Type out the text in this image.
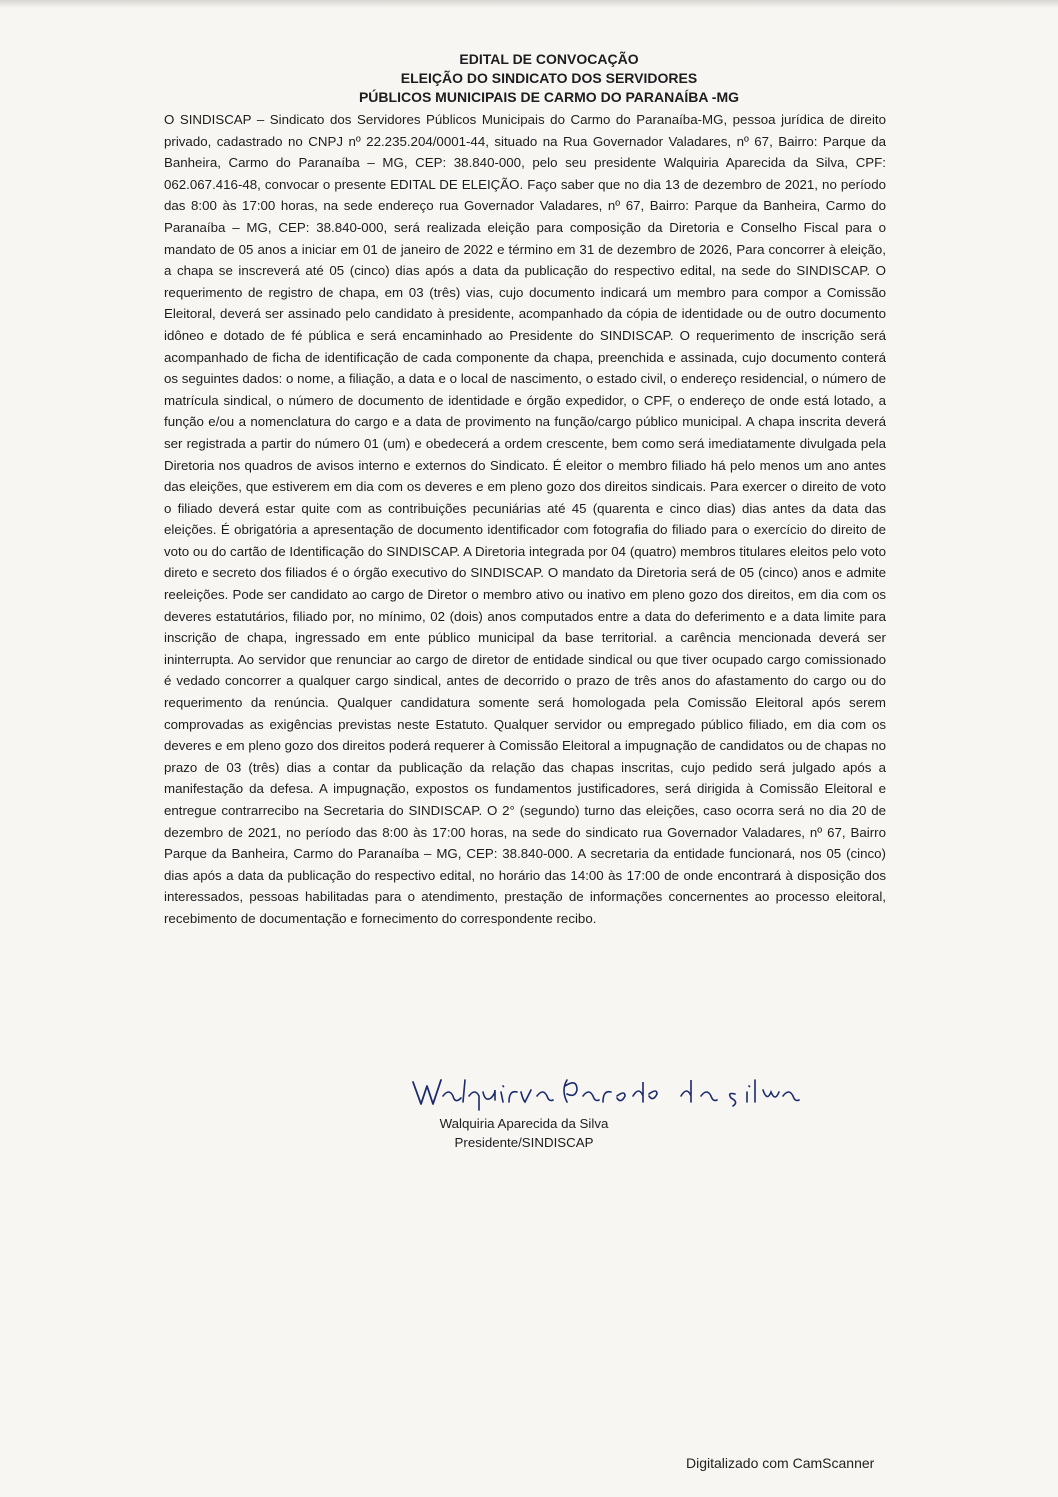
EDITAL DE CONVOCAÇÃO
ELEIÇÃO DO SINDICATO DOS SERVIDORES
PÚBLICOS MUNICIPAIS DE CARMO DO PARANAÍBA -MG
O SINDISCAP – Sindicato dos Servidores Públicos Municipais do Carmo do Paranaíba-MG, pessoa jurídica de direito privado, cadastrado no CNPJ nº 22.235.204/0001-44, situado na Rua Governador Valadares, nº 67, Bairro: Parque da Banheira, Carmo do Paranaíba – MG, CEP: 38.840-000, pelo seu presidente Walquiria Aparecida da Silva, CPF: 062.067.416-48, convocar o presente EDITAL DE ELEIÇÃO. Faço saber que no dia 13 de dezembro de 2021, no período das 8:00 às 17:00 horas, na sede endereço rua Governador Valadares, nº 67, Bairro: Parque da Banheira, Carmo do Paranaíba – MG, CEP: 38.840-000, será realizada eleição para composição da Diretoria e Conselho Fiscal para o mandato de 05 anos a iniciar em 01 de janeiro de 2022 e término em 31 de dezembro de 2026, Para concorrer à eleição, a chapa se inscreverá até 05 (cinco) dias após a data da publicação do respectivo edital, na sede do SINDISCAP. O requerimento de registro de chapa, em 03 (três) vias, cujo documento indicará um membro para compor a Comissão Eleitoral, deverá ser assinado pelo candidato à presidente, acompanhado da cópia de identidade ou de outro documento idôneo e dotado de fé pública e será encaminhado ao Presidente do SINDISCAP. O requerimento de inscrição será acompanhado de ficha de identificação de cada componente da chapa, preenchida e assinada, cujo documento conterá os seguintes dados: o nome, a filiação, a data e o local de nascimento, o estado civil, o endereço residencial, o número de matrícula sindical, o número de documento de identidade e órgão expedidor, o CPF, o endereço de onde está lotado, a função e/ou a nomenclatura do cargo e a data de provimento na função/cargo público municipal. A chapa inscrita deverá ser registrada a partir do número 01 (um) e obedecerá a ordem crescente, bem como será imediatamente divulgada pela Diretoria nos quadros de avisos interno e externos do Sindicato. É eleitor o membro filiado há pelo menos um ano antes das eleições, que estiverem em dia com os deveres e em pleno gozo dos direitos sindicais. Para exercer o direito de voto o filiado deverá estar quite com as contribuições pecuniárias até 45 (quarenta e cinco dias) dias antes da data das eleições. É obrigatória a apresentação de documento identificador com fotografia do filiado para o exercício do direito de voto ou do cartão de Identificação do SINDISCAP. A Diretoria integrada por 04 (quatro) membros titulares eleitos pelo voto direto e secreto dos filiados é o órgão executivo do SINDISCAP. O mandato da Diretoria será de 05 (cinco) anos e admite reeleições. Pode ser candidato ao cargo de Diretor o membro ativo ou inativo em pleno gozo dos direitos, em dia com os deveres estatutários, filiado por, no mínimo, 02 (dois) anos computados entre a data do deferimento e a data limite para inscrição de chapa, ingressado em ente público municipal da base territorial. a carência mencionada deverá ser ininterrupta. Ao servidor que renunciar ao cargo de diretor de entidade sindical ou que tiver ocupado cargo comissionado é vedado concorrer a qualquer cargo sindical, antes de decorrido o prazo de três anos do afastamento do cargo ou do requerimento da renúncia. Qualquer candidatura somente será homologada pela Comissão Eleitoral após serem comprovadas as exigências previstas neste Estatuto. Qualquer servidor ou empregado público filiado, em dia com os deveres e em pleno gozo dos direitos poderá requerer à Comissão Eleitoral a impugnação de candidatos ou de chapas no prazo de 03 (três) dias a contar da publicação da relação das chapas inscritas, cujo pedido será julgado após a manifestação da defesa. A impugnação, expostos os fundamentos justificadores, será dirigida à Comissão Eleitoral e entregue contrarrecibo na Secretaria do SINDISCAP. O 2° (segundo) turno das eleições, caso ocorra será no dia 20 de dezembro de 2021, no período das 8:00 às 17:00 horas, na sede do sindicato rua Governador Valadares, nº 67, Bairro Parque da Banheira, Carmo do Paranaíba – MG, CEP: 38.840-000. A secretaria da entidade funcionará, nos 05 (cinco) dias após a data da publicação do respectivo edital, no horário das 14:00 às 17:00 de onde encontrará à disposição dos interessados, pessoas habilitadas para o atendimento, prestação de informações concernentes ao processo eleitoral, recebimento de documentação e fornecimento do correspondente recibo.
Walquiria Aparecida da Silva
Presidente/SINDISCAP
Digitalizado com CamScanner
